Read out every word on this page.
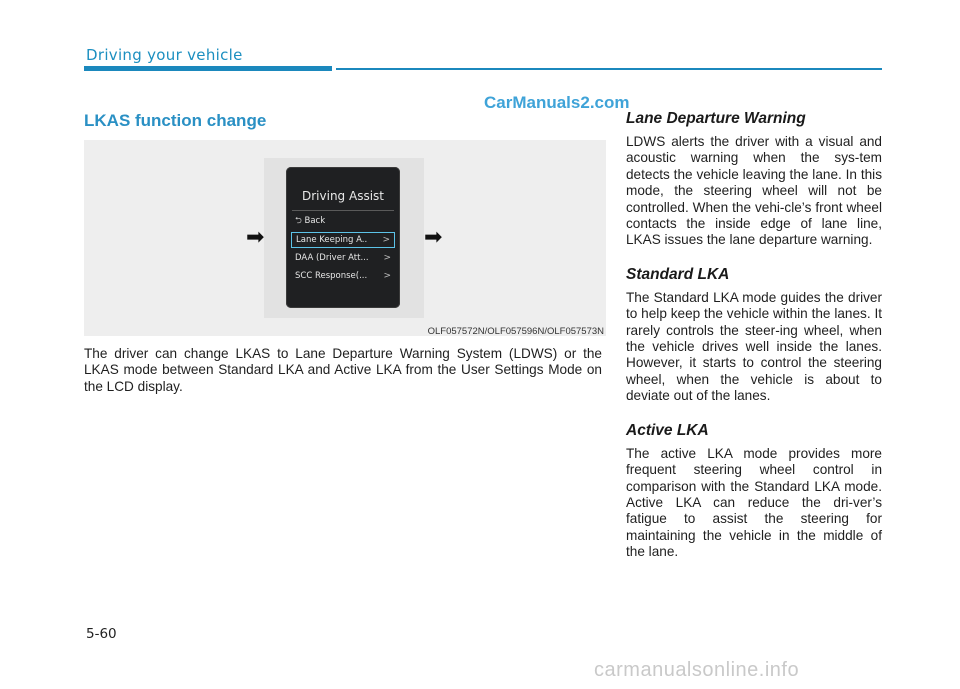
Driving your vehicle
CarManuals2.com
LKAS function change
➡	➡
Driving Assist
⮌ Back
Lane Keeping A.. >
DAA (Driver Att... >
SCC Response(... >
OLF057572N/OLF057596N/OLF057573N

The driver can change LKAS to Lane Departure Warning System (LDWS) or the LKAS mode between Standard LKA and Active LKA from the User Settings Mode on the LCD display.

Lane Departure Warning

LDWS alerts the driver with a visual and acoustic warning when the sys-tem detects the vehicle leaving the lane. In this mode, the steering wheel will not be controlled. When the vehi-cle’s front wheel contacts the inside edge of lane line, LKAS issues the lane departure warning.

Standard LKA

The Standard LKA mode guides the driver to help keep the vehicle within the lanes. It rarely controls the steer-ing wheel, when the vehicle drives well inside the lanes. However, it starts to control the steering wheel, when the vehicle is about to deviate out of the lanes.

Active LKA

The active LKA mode provides more frequent steering wheel control in comparison with the Standard LKA mode. Active LKA can reduce the dri-ver’s fatigue to assist the steering for maintaining the vehicle in the middle of the lane.

5-60
carmanualsonline.info
